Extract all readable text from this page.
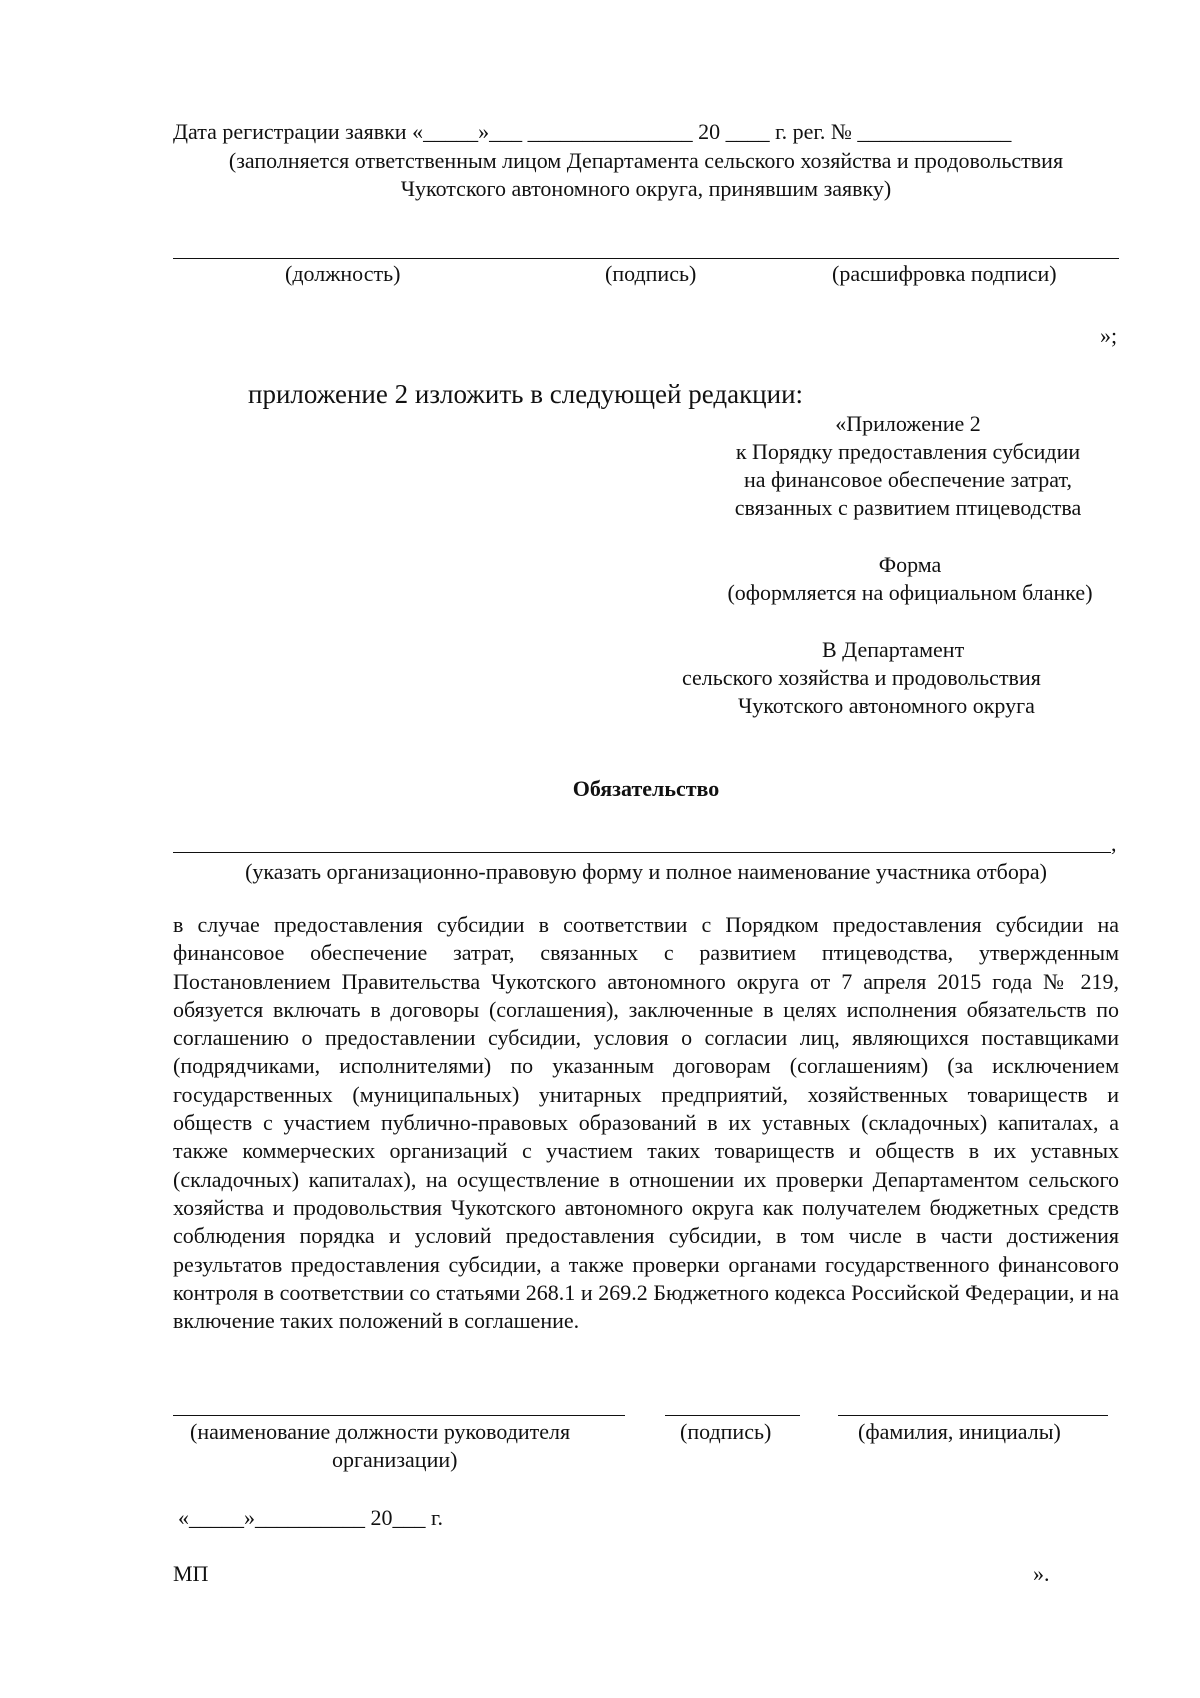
Дата регистрации заявки «_____»___ _______________ 20 ____ г. рег. № ______________
(заполняется ответственным лицом Департамента сельского хозяйства и продовольствия
Чукотского автономного округа, принявшим заявку)
(должность)	(подпись)	(расшифровка подписи)
»;
приложение 2 изложить в следующей редакции:
«Приложение 2
к Порядку предоставления субсидии
на финансовое обеспечение затрат,
связанных с развитием птицеводства
Форма
(оформляется на официальном бланке)
В Департамент
сельского хозяйства и продовольствия
Чукотского автономного округа
Обязательство
,
(указать организационно-правовую форму и полное наименование участника отбора)
в случае предоставления субсидии в соответствии с Порядком предоставления субсидии на финансовое обеспечение затрат, связанных с развитием птицеводства, утвержденным Постановлением Правительства Чукотского автономного округа от 7 апреля 2015 года № 219, обязуется включать в договоры (соглашения), заключенные в целях исполнения обязательств по соглашению о предоставлении субсидии, условия о согласии лиц, являющихся поставщиками (подрядчиками, исполнителями) по указанным договорам (соглашениям) (за исключением государственных (муниципальных) унитарных предприятий, хозяйственных товариществ и обществ с участием публично-правовых образований в их уставных (складочных) капиталах, а также коммерческих организаций с участием таких товариществ и обществ в их уставных (складочных) капиталах), на осуществление в отношении их проверки Департаментом сельского хозяйства и продовольствия Чукотского автономного округа как получателем бюджетных средств соблюдения порядка и условий предоставления субсидии, в том числе в части достижения результатов предоставления субсидии, а также проверки органами государственного финансового контроля в соответствии со статьями 268.1 и 269.2 Бюджетного кодекса Российской Федерации, и на включение таких положений в соглашение.
(наименование должности руководителя
организации)
(подпись)	(фамилия, инициалы)
«_____»__________ 20___ г.
МП	».
